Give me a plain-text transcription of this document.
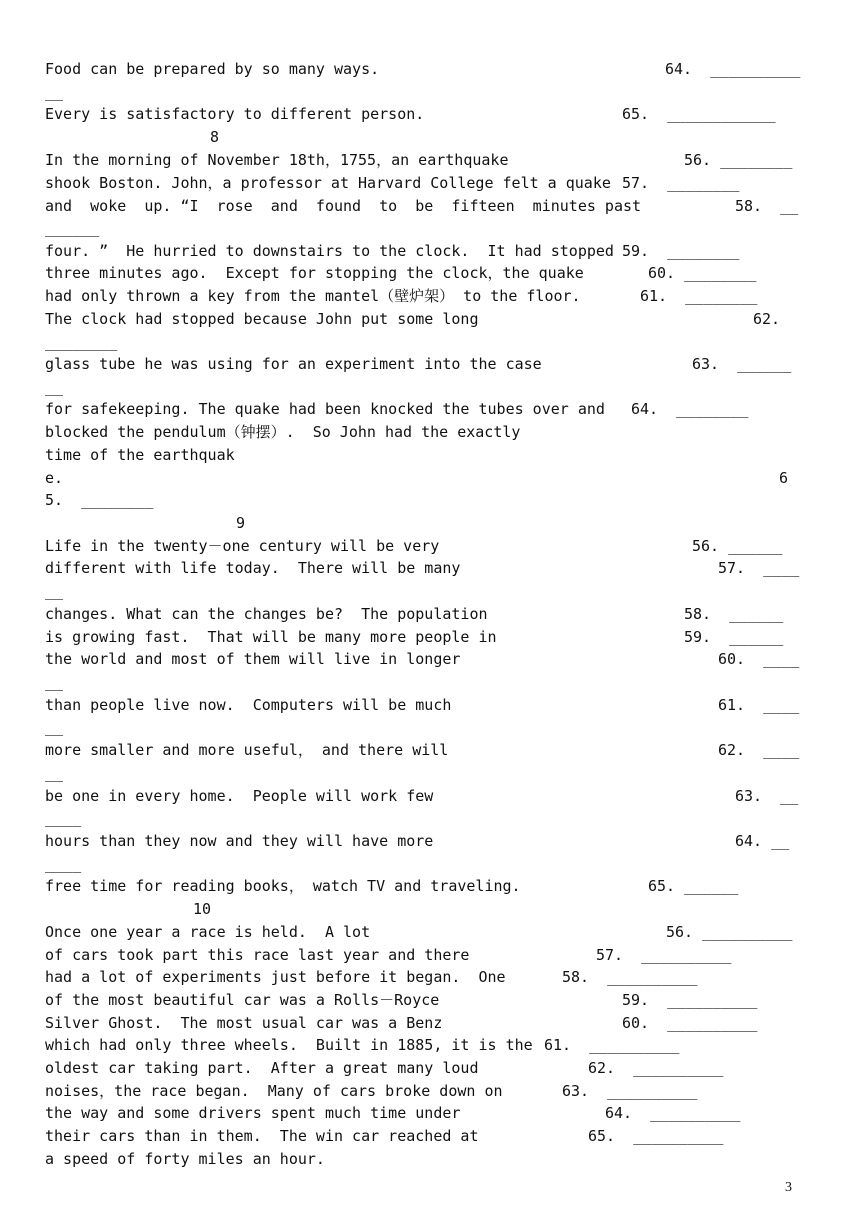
Food can be prepared by so many ways.	64.  __________
__
Every is satisfactory to different person.	65.  ____________
8
In the morning of November 18th，1755，an earthquake	56. ________
shook Boston. John，a professor at Harvard College felt a quake 57.  ________
and  woke  up. “I  rose  and  found  to  be  fifteen  minutes past	58.  __
______
four. ”  He hurried to downstairs to the clock.  It had stopped 59.  ________
three minutes ago.  Except for stopping the clock，the quake	60. ________
had only thrown a key from the mantel（壁炉架） to the floor.	61.  ________
The clock had stopped because John put some long	62.
________
glass tube he was using for an experiment into the case	63.  ______
__
for safekeeping. The quake had been knocked the tubes over and 64.  ________
blocked the pendulum（钟摆）.  So John had the exactly
time of the earthquak
e.	6
5.  ________
9
Life in the twenty－one century will be very	56. ______
different with life today.  There will be many	57.  ____
__
changes. What can the changes be?  The population	58.  ______
is growing fast.  That will be many more people in	59.  ______
the world and most of them will live in longer	60.  ____
__
than people live now.  Computers will be much	61.  ____
__
more smaller and more useful， and there will	62.  ____
__
be one in every home.  People will work few	63.  __
____
hours than they now and they will have more	64. __
____
free time for reading books， watch TV and traveling.	65. ______
10
Once one year a race is held.  A lot	56. __________
of cars took part this race last year and there	57.  __________
had a lot of experiments just before it began.  One	58.  __________
of the most beautiful car was a Rolls－Royce	59.  __________
Silver Ghost.  The most usual car was a Benz	60.  __________
which had only three wheels.  Built in 1885, it is the 61.  __________
oldest car taking part.  After a great many loud	62.  __________
noises，the race began.  Many of cars broke down on	63.  __________
the way and some drivers spent much time under	64.  __________
their cars than in them.  The win car reached at	65.  __________
a speed of forty miles an hour.
3
